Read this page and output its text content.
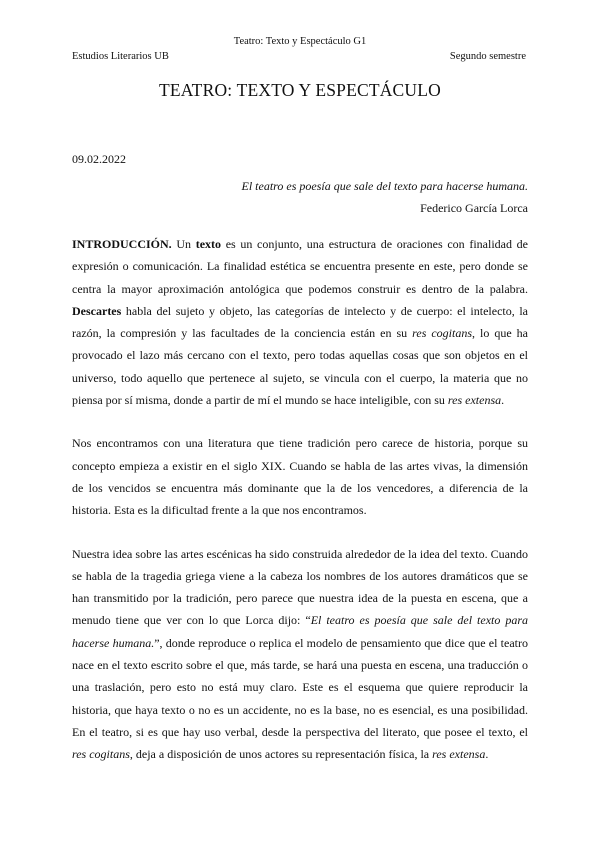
Teatro: Texto y Espectáculo G1
Estudios Literarios UB	Segundo semestre
TEATRO: TEXTO Y ESPECTÁCULO
09.02.2022
El teatro es poesía que sale del texto para hacerse humana.
Federico García Lorca

INTRODUCCIÓN. Un texto es un conjunto, una estructura de oraciones con finalidad de expresión o comunicación. La finalidad estética se encuentra presente en este, pero donde se centra la mayor aproximación antológica que podemos construir es dentro de la palabra. Descartes habla del sujeto y objeto, las categorías de intelecto y de cuerpo: el intelecto, la razón, la compresión y las facultades de la conciencia están en su res cogitans, lo que ha provocado el lazo más cercano con el texto, pero todas aquellas cosas que son objetos en el universo, todo aquello que pertenece al sujeto, se vincula con el cuerpo, la materia que no piensa por sí misma, donde a partir de mí el mundo se hace inteligible, con su res extensa.

Nos encontramos con una literatura que tiene tradición pero carece de historia, porque su concepto empieza a existir en el siglo XIX. Cuando se habla de las artes vivas, la dimensión de los vencidos se encuentra más dominante que la de los vencedores, a diferencia de la historia. Esta es la dificultad frente a la que nos encontramos.

Nuestra idea sobre las artes escénicas ha sido construida alrededor de la idea del texto. Cuando se habla de la tragedia griega viene a la cabeza los nombres de los autores dramáticos que se han transmitido por la tradición, pero parece que nuestra idea de la puesta en escena, que a menudo tiene que ver con lo que Lorca dijo: “El teatro es poesía que sale del texto para hacerse humana.”, donde reproduce o replica el modelo de pensamiento que dice que el teatro nace en el texto escrito sobre el que, más tarde, se hará una puesta en escena, una traducción o una traslación, pero esto no está muy claro. Este es el esquema que quiere reproducir la historia, que haya texto o no es un accidente, no es la base, no es esencial, es una posibilidad. En el teatro, si es que hay uso verbal, desde la perspectiva del literato, que posee el texto, el res cogitans, deja a disposición de unos actores su representación física, la res extensa.
